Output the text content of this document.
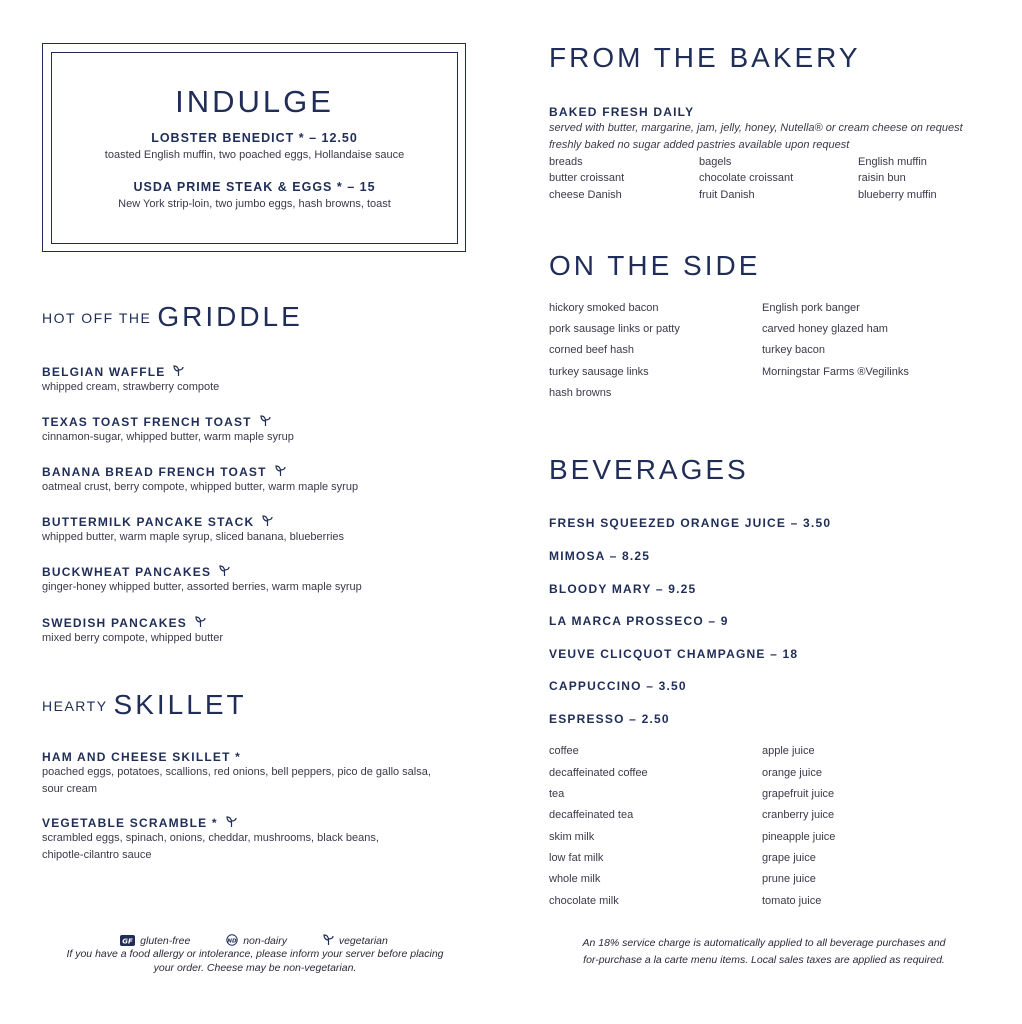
INDULGE
LOBSTER BENEDICT * – 12.50
toasted English muffin, two poached eggs, Hollandaise sauce
USDA PRIME STEAK & EGGS * – 15
New York strip-loin, two jumbo eggs, hash browns, toast
HOT OFF THE GRIDDLE
BELGIAN WAFFLE
whipped cream, strawberry compote
TEXAS TOAST FRENCH TOAST
cinnamon-sugar, whipped butter, warm maple syrup
BANANA BREAD FRENCH TOAST
oatmeal crust, berry compote, whipped butter, warm maple syrup
BUTTERMILK PANCAKE STACK
whipped butter, warm maple syrup, sliced banana, blueberries
BUCKWHEAT PANCAKES
ginger-honey whipped butter, assorted berries, warm maple syrup
SWEDISH PANCAKES
mixed berry compote, whipped butter
HEARTY SKILLET
HAM AND CHEESE SKILLET *
poached eggs, potatoes, scallions, red onions, bell peppers, pico de gallo salsa,
sour cream
VEGETABLE SCRAMBLE *
scrambled eggs, spinach, onions, cheddar, mushrooms, black beans,
chipotle-cilantro sauce
FROM THE BAKERY
BAKED FRESH DAILY
served with butter, margarine, jam, jelly, honey, Nutella® or cream cheese on request
freshly baked no sugar added pastries available upon request
breads	bagels	English muffin
butter croissant	chocolate croissant	raisin bun
cheese Danish	fruit Danish	blueberry muffin
ON THE SIDE
hickory smoked bacon
pork sausage links or patty
corned beef hash
turkey sausage links
hash browns
English pork banger
carved honey glazed ham
turkey bacon
Morningstar Farms ®Vegilinks
BEVERAGES
FRESH SQUEEZED ORANGE JUICE – 3.50
MIMOSA – 8.25
BLOODY MARY – 9.25
LA MARCA PROSSECO – 9
VEUVE CLICQUOT CHAMPAGNE – 18
CAPPUCCINO – 3.50
ESPRESSO – 2.50
coffee
decaffeinated coffee
tea
decaffeinated tea
skim milk
low fat milk
whole milk
chocolate milk
apple juice
orange juice
grapefruit juice
cranberry juice
pineapple juice
grape juice
prune juice
tomato juice
GF gluten-free	ND non-dairy	vegetarian
If you have a food allergy or intolerance, please inform your server before placing
your order. Cheese may be non-vegetarian.
An 18% service charge is automatically applied to all beverage purchases and
for-purchase a la carte menu items. Local sales taxes are applied as required.
